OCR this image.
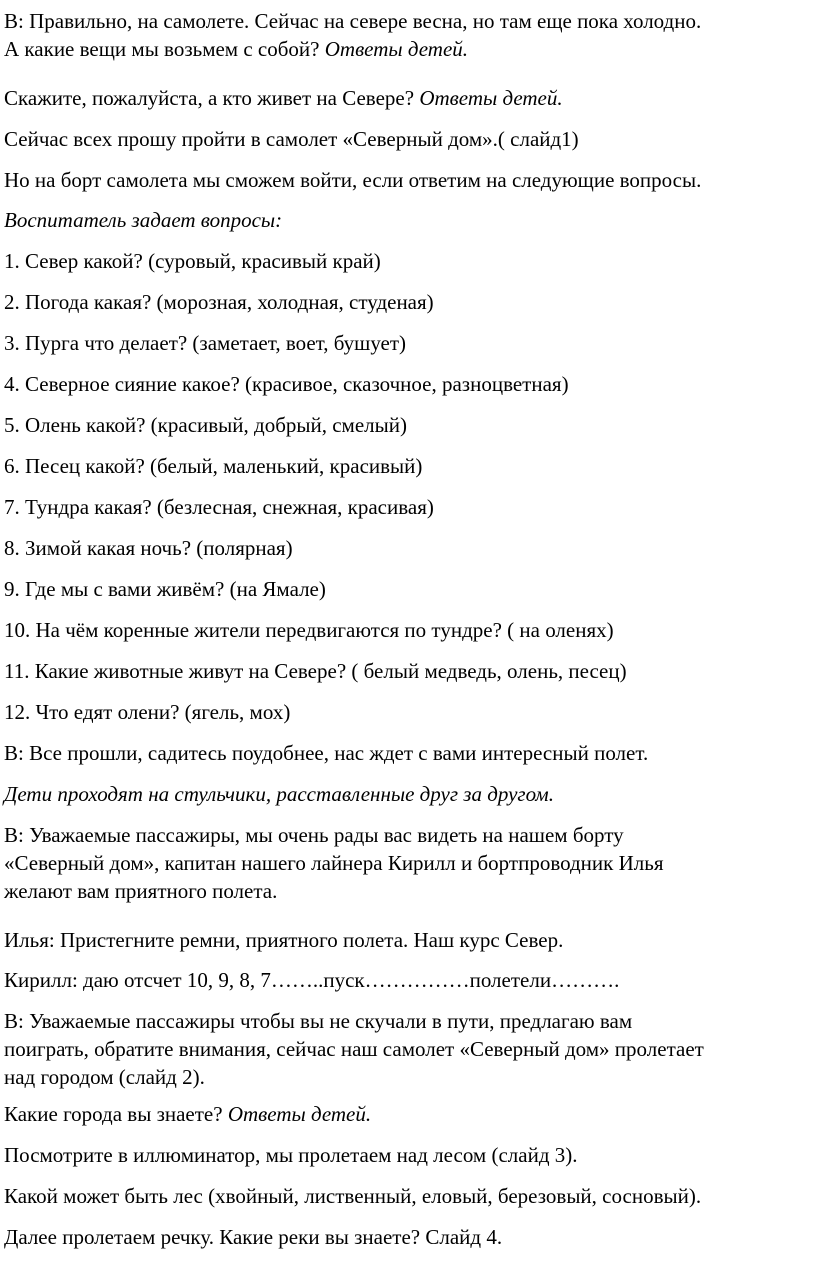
В: Правильно, на самолете. Сейчас на севере весна, но там еще пока холодно.
А какие вещи мы возьмем с собой? Ответы детей.

Скажите, пожалуйста, а кто живет на Севере? Ответы детей.

Сейчас всех прошу пройти в самолет «Северный дом».( слайд1)

Но на борт самолета мы сможем войти, если ответим на следующие вопросы.

Воспитатель задает вопросы:

1. Север какой? (суровый, красивый край)

2. Погода какая? (морозная, холодная, студеная)

3. Пурга что делает? (заметает, воет, бушует)

4. Северное сияние какое? (красивое, сказочное, разноцветная)

5. Олень какой? (красивый, добрый, смелый)

6. Песец какой? (белый, маленький, красивый)

7. Тундра какая? (безлесная, снежная, красивая)

8. Зимой какая ночь? (полярная)

9. Где мы с вами живём? (на Ямале)

10. На чём коренные жители передвигаются по тундре? ( на оленях)

11. Какие животные живут на Севере? ( белый медведь, олень, песец)

12. Что едят олени? (ягель, мох)

В: Все прошли, садитесь поудобнее, нас ждет с вами интересный полет.

Дети проходят на стульчики, расставленные друг за другом.

В: Уважаемые пассажиры, мы очень рады вас видеть на нашем борту
«Северный дом», капитан нашего лайнера Кирилл и бортпроводник Илья
желают вам приятного полета.

Илья: Пристегните ремни, приятного полета. Наш курс Север.

Кирилл: даю отсчет 10, 9, 8, 7……..пуск……………полетели……….

В: Уважаемые пассажиры чтобы вы не скучали в пути, предлагаю вам
поиграть, обратите внимания, сейчас наш самолет «Северный дом» пролетает
над городом (слайд 2).

Какие города вы знаете? Ответы детей.

Посмотрите в иллюминатор, мы пролетаем над лесом (слайд 3).

Какой может быть лес (хвойный, лиственный, еловый, березовый, сосновый).

Далее пролетаем речку. Какие реки вы знаете? Слайд 4.
